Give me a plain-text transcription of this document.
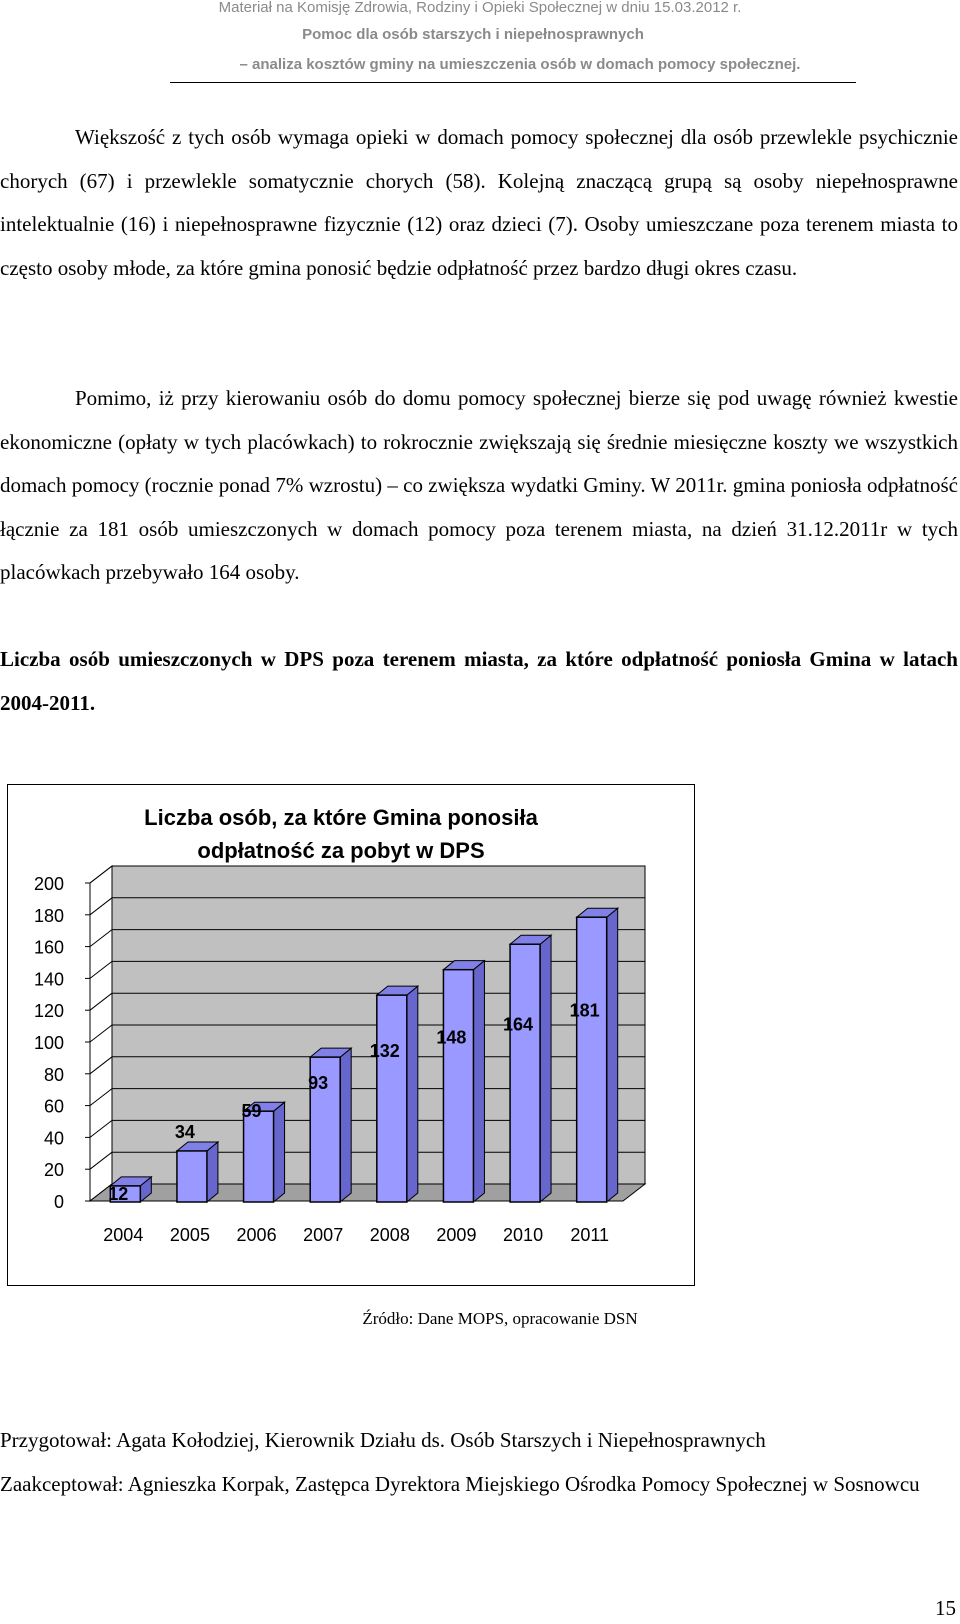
Materiał na Komisję Zdrowia, Rodziny i Opieki Społecznej w dniu 15.03.2012 r.
Pomoc dla osób starszych i niepełnosprawnych
– analiza kosztów gminy na umieszczenia osób w domach pomocy społecznej.

Większość z tych osób wymaga opieki w domach pomocy społecznej dla osób przewlekle psychicznie chorych (67) i przewlekle somatycznie chorych (58). Kolejną znaczącą grupą są osoby niepełnosprawne intelektualnie (16) i niepełnosprawne fizycznie (12) oraz dzieci (7). Osoby umieszczane poza terenem miasta to często osoby młode, za które gmina ponosić będzie odpłatność przez bardzo długi okres czasu.

Pomimo, iż przy kierowaniu osób do domu pomocy społecznej bierze się pod uwagę również kwestie ekonomiczne (opłaty w tych placówkach) to rokrocznie zwiększają się średnie miesięczne koszty we wszystkich domach pomocy (rocznie ponad 7% wzrostu) – co zwiększa wydatki Gminy. W 2011r. gmina poniosła odpłatność łącznie za 181 osób umieszczonych w domach pomocy poza terenem miasta, na dzień 31.12.2011r w tych placówkach przebywało 164 osoby.

Liczba osób umieszczonych w DPS poza terenem miasta, za które odpłatność poniosła Gmina w latach 2004-2011.

Liczba osób, za które Gmina ponosiła
odpłatność za pobyt w DPS
0
20
40
60
80
100
120
140
160
180
200
12
2004
34
2005
59
2006
93
2007
132
2008
148
2009
164
2010
181
2011
Źródło: Dane MOPS, opracowanie DSN

Przygotował: Agata Kołodziej, Kierownik Działu ds. Osób Starszych i Niepełnosprawnych

Zaakceptował: Agnieszka Korpak, Zastępca Dyrektora Miejskiego Ośrodka Pomocy Społecznej w Sosnowcu

15
